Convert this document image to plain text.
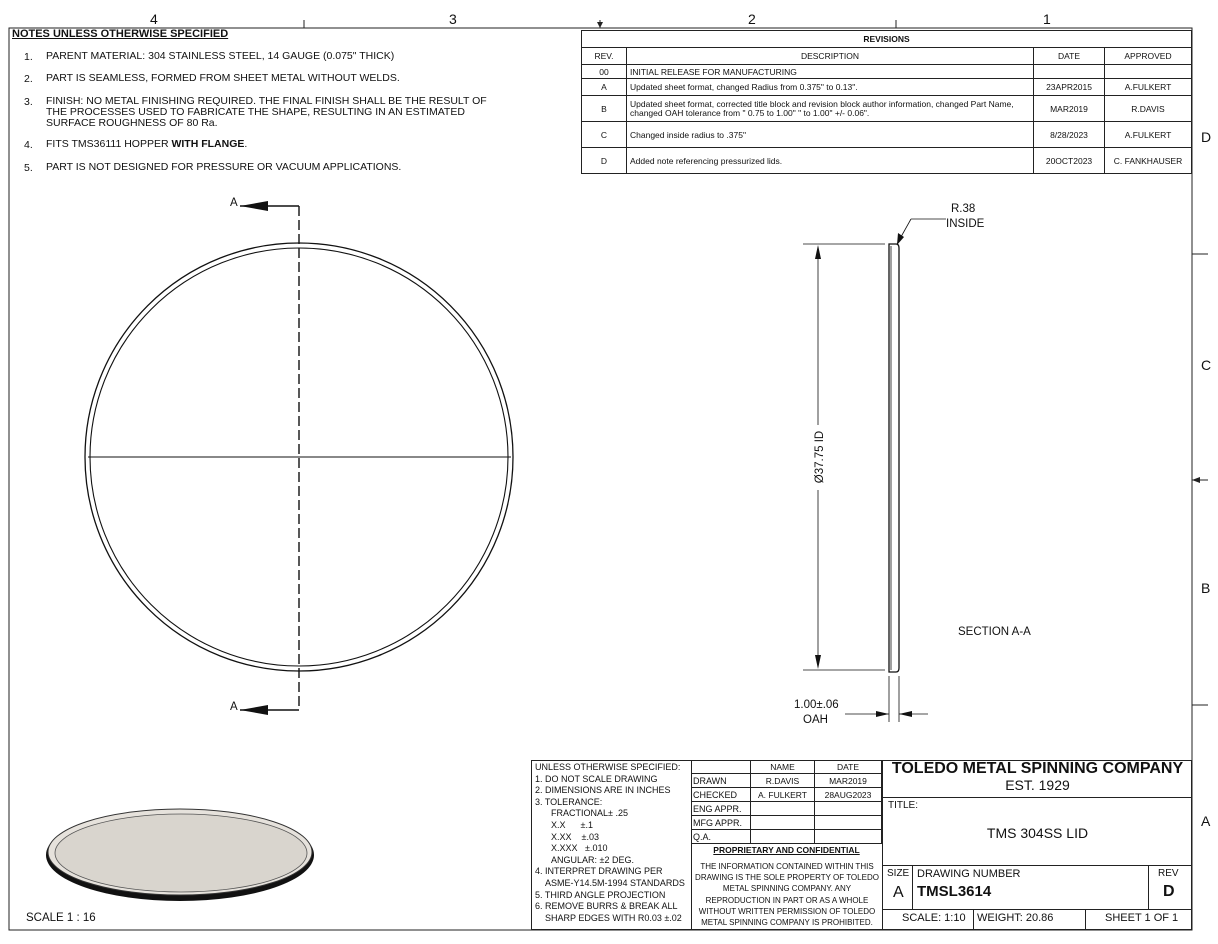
4	3	2	1
D
C
B
A
A
A
R.38
INSIDE
Ø37.75 ID
1.00±.06
OAH
SECTION A-A
SCALE 1 : 16
NOTES UNLESS OTHERWISE SPECIFIED
1. PARENT MATERIAL: 304 STAINLESS STEEL, 14 GAUGE (0.075" THICK)
2. PART IS SEAMLESS, FORMED FROM SHEET METAL WITHOUT WELDS.
3. FINISH: NO METAL FINISHING REQUIRED. THE FINAL FINISH SHALL BE THE RESULT OF THE PROCESSES USED TO FABRICATE THE SHAPE, RESULTING IN AN ESTIMATED SURFACE ROUGHNESS OF 80 Ra.
4. FITS TMS36111 HOPPER WITH FLANGE.
5. PART IS NOT DESIGNED FOR PRESSURE OR VACUUM APPLICATIONS.
REVISIONS			
REV.	DESCRIPTION	DATE	APPROVED
00	INITIAL RELEASE FOR MANUFACTURING		
A	Updated sheet format, changed Radius from 0.375" to 0.13".	23APR2015	A.FULKERT
B	Updated sheet format, corrected title block and revision block author information, changed Part Name, changed OAH tolerance from " 0.75 to 1.00" " to 1.00" +/- 0.06".	MAR2019	R.DAVIS
C	Changed inside radius to .375"	8/28/2023	A.FULKERT
D	Added note referencing pressurized lids.	20OCT2023	C. FANKHAUSER
UNLESS OTHERWISE SPECIFIED:
1. DO NOT SCALE DRAWING
2. DIMENSIONS ARE IN INCHES
3. TOLERANCE:
FRACTIONAL± .25
X.X      ±.1
X.XX    ±.03
X.XXX   ±.010
ANGULAR: ±2 DEG.
4. INTERPRET DRAWING PER
ASME-Y14.5M-1994 STANDARDS
5. THIRD ANGLE PROJECTION
6. REMOVE BURRS & BREAK ALL
SHARP EDGES WITH R0.03 ±.02
	NAME	DATE
DRAWN	R.DAVIS	MAR2019
CHECKED	A. FULKERT	28AUG2023
ENG APPR.		
MFG APPR.		
Q.A.		
PROPRIETARY AND CONFIDENTIAL
THE INFORMATION CONTAINED WITHIN THIS DRAWING IS THE SOLE PROPERTY OF TOLEDO METAL SPINNING COMPANY. ANY REPRODUCTION IN PART OR AS A WHOLE WITHOUT WRITTEN PERMISSION OF TOLEDO METAL SPINNING COMPANY IS PROHIBITED.
TOLEDO METAL SPINNING COMPANY
EST. 1929
TITLE:
TMS 304SS LID
SIZE
A
DRAWING NUMBER
TMSL3614
REV
D
SCALE: 1:10 WEIGHT: 20.86	SHEET 1 OF 1
